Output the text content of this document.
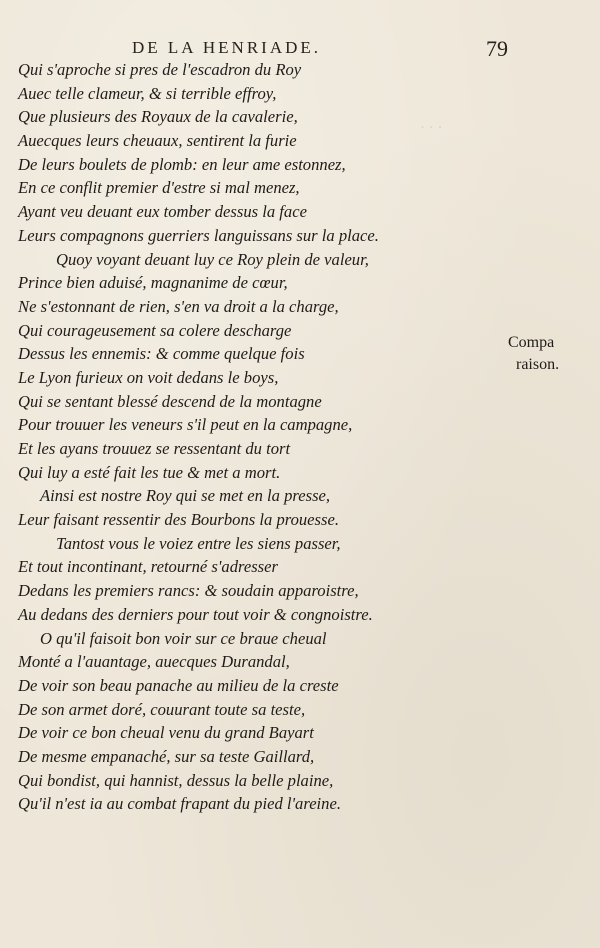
· · ·
DE LA HENRIADE.	79
Qui s'aproche si pres de l'escadron du Roy
Auec telle clameur, & si terrible effroy,
Que plusieurs des Royaux de la cavalerie,
Auecques leurs cheuaux, sentirent la furie
De leurs boulets de plomb: en leur ame estonnez,
En ce conflit premier d'estre si mal menez,
Ayant veu deuant eux tomber dessus la face
Leurs compagnons guerriers languissans sur la place.
Quoy voyant deuant luy ce Roy plein de valeur,
Prince bien aduisé, magnanime de cœur,
Ne s'estonnant de rien, s'en va droit a la charge,
Qui courageusement sa colere descharge
Dessus les ennemis: & comme quelque fois
Le Lyon furieux on voit dedans le boys,
Qui se sentant blessé descend de la montagne
Pour trouuer les veneurs s'il peut en la campagne,
Et les ayans trouuez se ressentant du tort
Qui luy a esté fait les tue & met a mort.
Ainsi est nostre Roy qui se met en la presse,
Leur faisant ressentir des Bourbons la prouesse.
Tantost vous le voiez entre les siens passer,
Et tout incontinant, retourné s'adresser
Dedans les premiers rancs: & soudain apparoistre,
Au dedans des derniers pour tout voir & congnoistre.
O qu'il faisoit bon voir sur ce braue cheual
Monté a l'auantage, auecques Durandal,
De voir son beau panache au milieu de la creste
De son armet doré, couurant toute sa teste,
De voir ce bon cheual venu du grand Bayart
De mesme empanaché, sur sa teste Gaillard,
Qui bondist, qui hannist, dessus la belle plaine,
Qu'il n'est ia au combat frapant du pied l'areine.
Compa
raison.
